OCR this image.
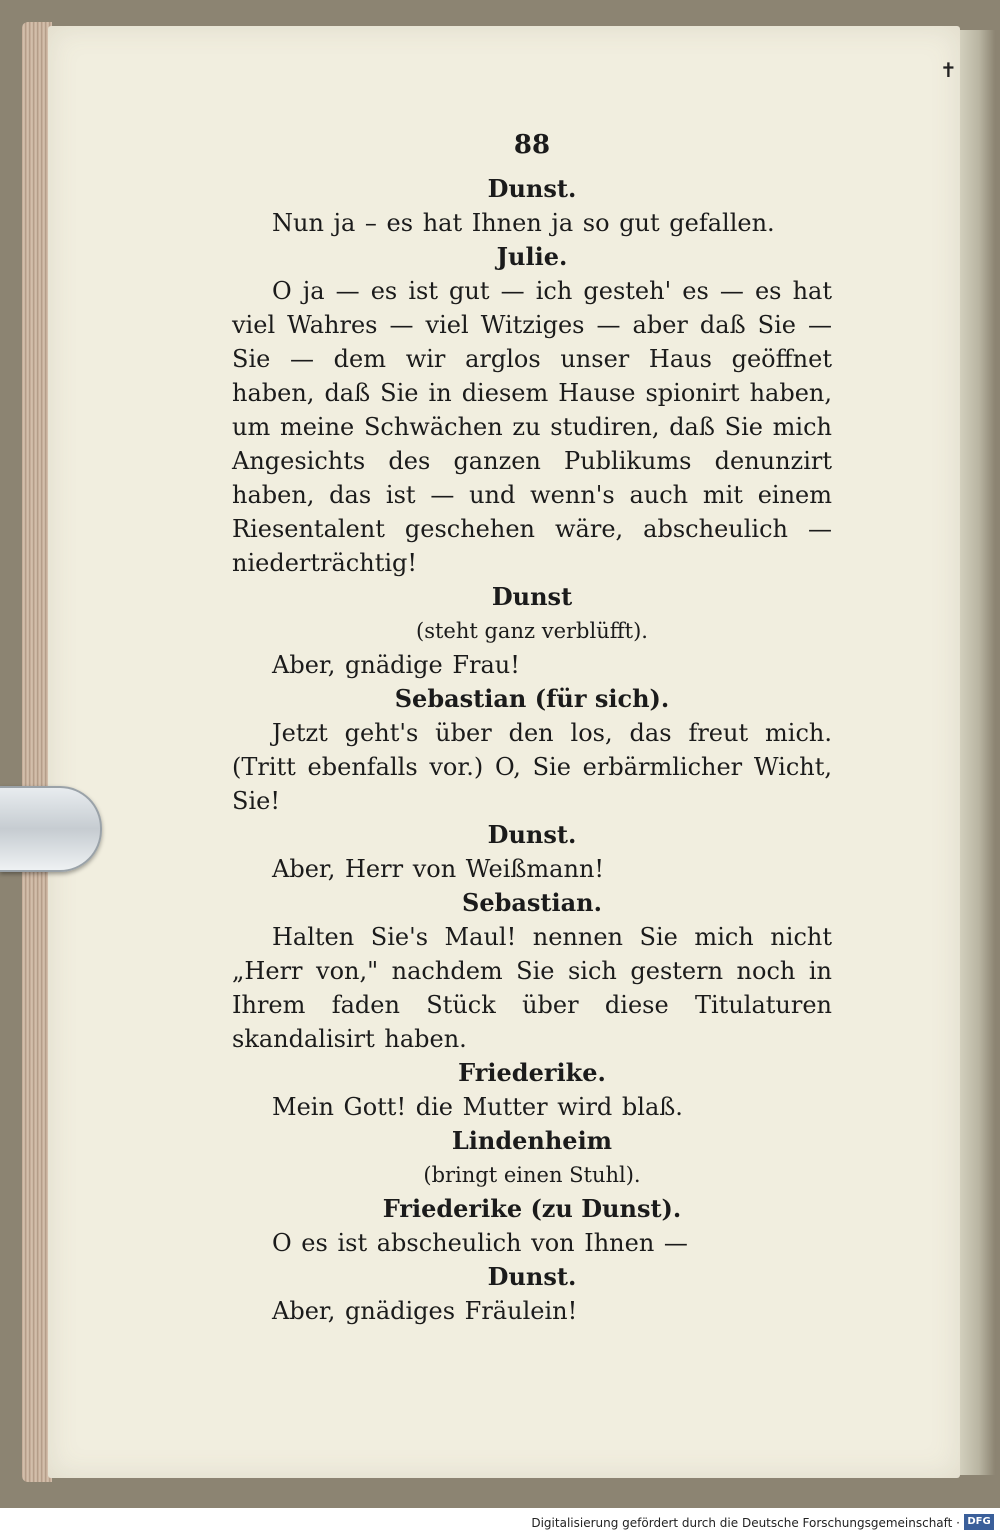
✝
88
Dunst.
Nun ja – es hat Ihnen ja so gut gefallen.
Julie.
O ja — es ist gut — ich gesteh' es — es hat viel Wahres — viel Witziges — aber daß Sie — Sie — dem wir arglos unser Haus geöffnet haben, daß Sie in diesem Hause spionirt haben, um meine Schwächen zu studiren, daß Sie mich Angesichts des ganzen Publikums denunzirt haben, das ist — und wenn's auch mit einem Riesentalent geschehen wäre, abscheulich — niederträchtig!
Dunst
(steht ganz verblüfft).
Aber, gnädige Frau!
Sebastian (für sich).
Jetzt geht's über den los, das freut mich. (Tritt ebenfalls vor.) O, Sie erbärmlicher Wicht, Sie!
Dunst.
Aber, Herr von Weißmann!
Sebastian.
Halten Sie's Maul! nennen Sie mich nicht „Herr von," nachdem Sie sich gestern noch in Ihrem faden Stück über diese Titulaturen skandalisirt haben.
Friederike.
Mein Gott! die Mutter wird blaß.
Lindenheim
(bringt einen Stuhl).
Friederike (zu Dunst).
O es ist abscheulich von Ihnen —
Dunst.
Aber, gnädiges Fräulein!
Digitalisierung gefördert durch die Deutsche Forschungsgemeinschaft · DFG
